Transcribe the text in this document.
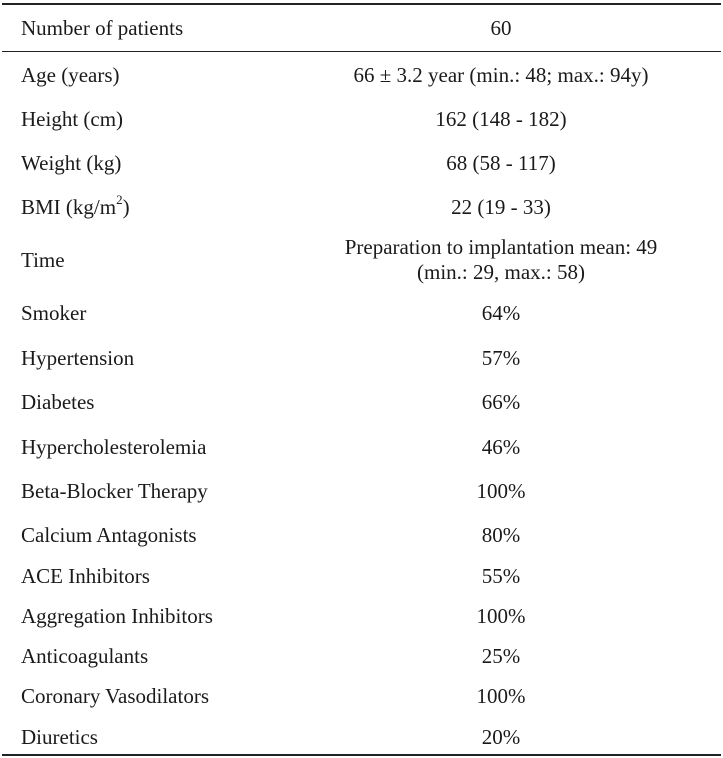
Number of patients	60
Age (years)	66 ± 3.2 year (min.: 48; max.: 94y)
Height (cm)	162 (148 - 182)
Weight (kg)	68 (58 - 117)
BMI $(kg/m^2)$	22 (19 - 33)
Time	Preparation to implantation mean: 49
(min.: 29, max.: 58)

Smoker	64%
Hypertension	57%
Diabetes	66%
Hypercholesterolemia	46%
Beta-Blocker Therapy	100%
Calcium Antagonists	80%
ACE Inhibitors	55%
Aggregation Inhibitors	100%
Anticoagulants	25%
Coronary Vasodilators	100%
Diuretics	20%
